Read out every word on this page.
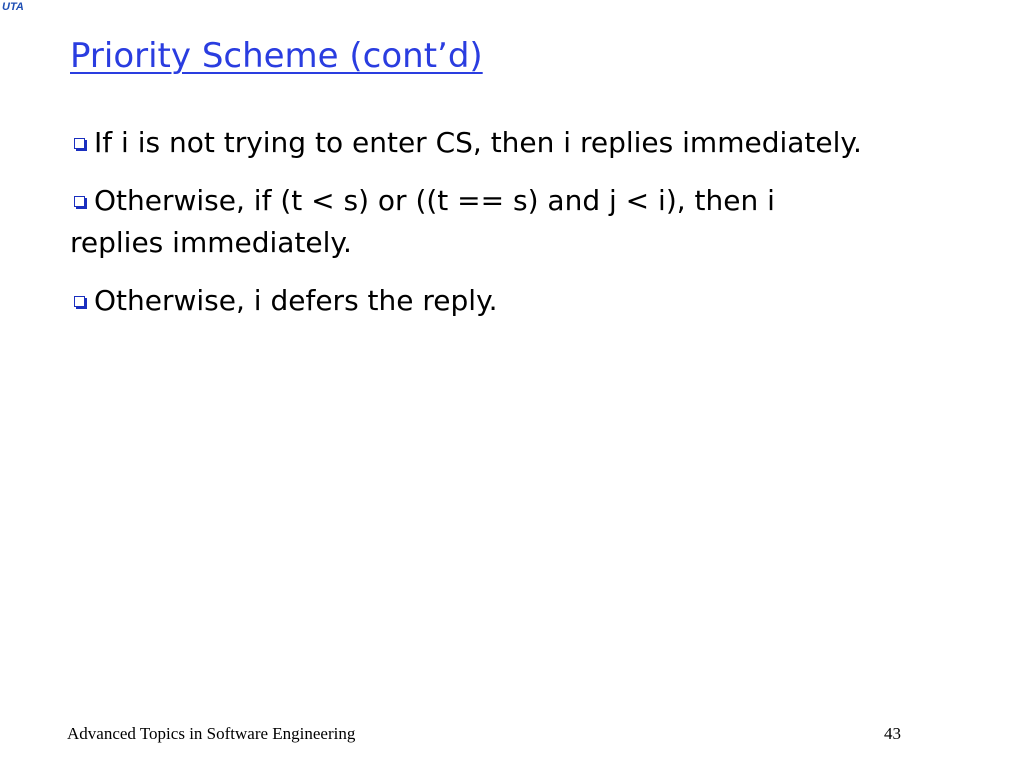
UTA
Priority Scheme (cont’d)
If i is not trying to enter CS, then i replies immediately.
Otherwise, if (t < s) or ((t == s) and j < i), then i replies immediately.
Otherwise, i defers the reply.
Advanced Topics in Software Engineering	43
